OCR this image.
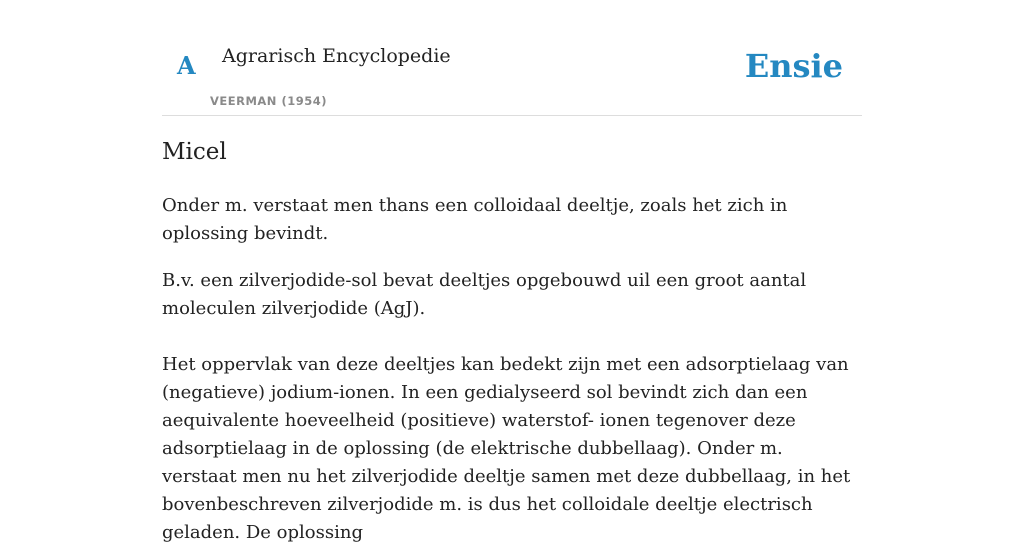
A Agrarisch Encyclopedie
VEERMAN (1954)
Ensie
Micel

Onder m. verstaat men thans een colloidaal deeltje, zoals het zich in oplossing bevindt.

B.v. een zilverjodide-sol bevat deeltjes opgebouwd uil een groot aantal moleculen zilverjodide (AgJ).

Het oppervlak van deze deeltjes kan bedekt zijn met een adsorptielaag van (negatieve) jodium-ionen. In een gedialyseerd sol bevindt zich dan een aequivalente hoeveelheid (positieve) waterstof- ionen tegenover deze adsorptielaag in de oplossing (de elektrische dubbellaag). Onder m. verstaat men nu het zilverjodide deeltje samen met deze dubbellaag, in het bovenbeschreven zilverjodide m. is dus het colloidale deeltje electrisch geladen. De oplossing
